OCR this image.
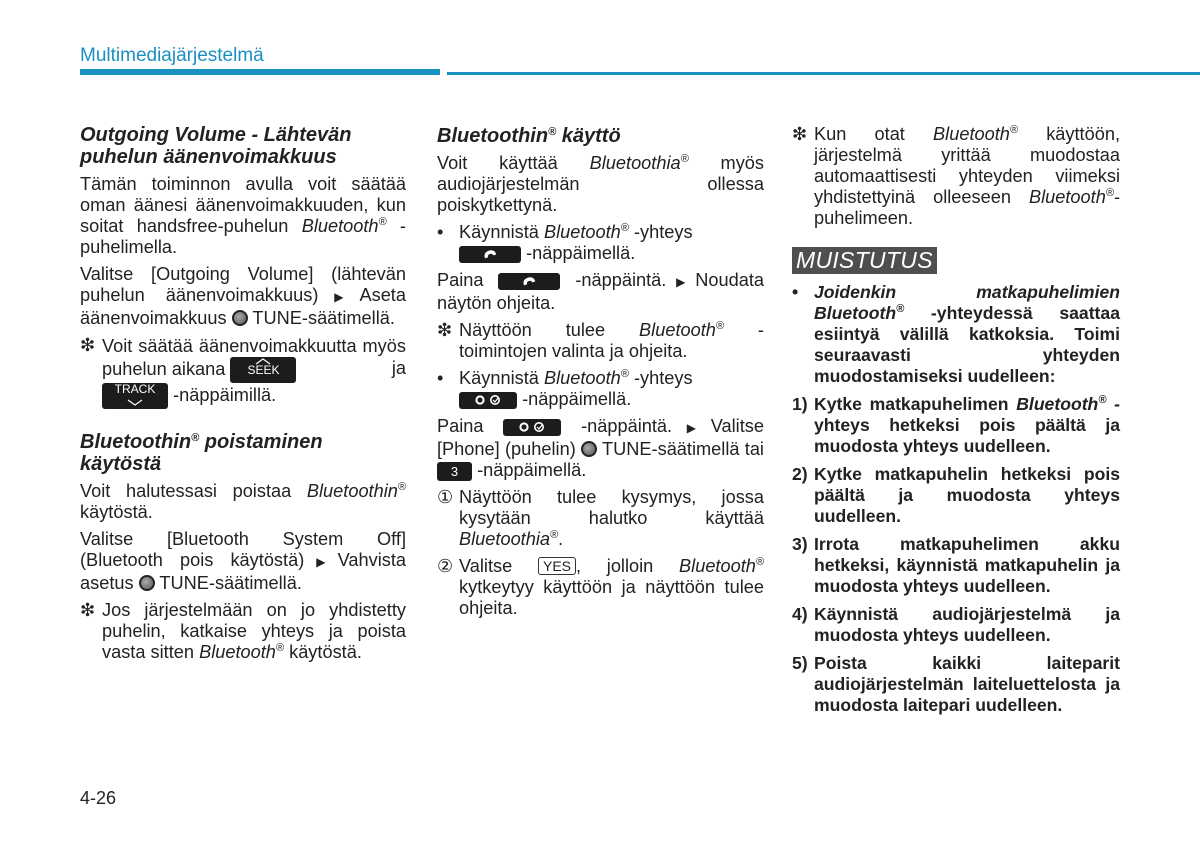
Multimediajärjestelmä
Outgoing Volume - Lähtevän
puhelun äänenvoimakkuus

Tämän toiminnon avulla voit säätää oman äänesi äänenvoimakkuuden, kun soitat handsfree-puhelun Bluetooth® -puhelimella.

Valitse [Outgoing Volume] (lähtevän puhelun äänenvoimakkuus)▶Aseta äänenvoimakkuus TUNE-säätimellä.

❇ Voit säätää äänenvoimakkuutta myös puhelun aikana SEEK	ja

TRACK -näppäimillä.
Bluetoothin® poistaminen käytöstä

Voit halutessasi poistaa Bluetoothin® käytöstä.

Valitse [Bluetooth System Off] (Bluetooth pois käytöstä)▶Vahvista asetus TUNE-säätimellä.

❇ Jos järjestelmään on jo yhdistetty puhelin, katkaise yhteys ja poista vasta sitten Bluetooth® käytöstä.
Bluetoothin® käyttö

Voit käyttää Bluetoothia® myös audiojärjestelmän ollessa poiskytkettynä.

• Käynnistä Bluetooth® -yhteys

-näppäimellä.

Paina	-näppäintä.▶Noudata näytön ohjeita.

❇ Näyttöön tulee Bluetooth® -toimintojen valinta ja ohjeita.
• Käynnistä Bluetooth® -yhteys

-näppäimellä.

Paina	-näppäintä.▶Valitse [Phone] (puhelin) TUNE-säätimellä tai 3 -näppäimellä.

① Näyttöön tulee kysymys, jossa kysytään halutko käyttää Bluetoothia®.
② Valitse YES , jolloin Bluetooth® kytkeytyy käyttöön ja näyttöön tulee ohjeita.
❇ Kun otat Bluetooth® käyttöön, järjestelmä yrittää muodostaa automaattisesti yhteyden viimeksi yhdistettyinä olleeseen Bluetooth®-puhelimeen.
MUISTUTUS
• Joidenkin matkapuhelimien Bluetooth® -yhteydessä saattaa esiintyä välillä katkoksia. Toimi seuraavasti yhteyden muodostamiseksi uudelleen:
1) Kytke matkapuhelimen Bluetooth® -yhteys hetkeksi pois päältä ja muodosta yhteys uudelleen.
2) Kytke matkapuhelin hetkeksi pois päältä ja muodosta yhteys uudelleen.
3) Irrota matkapuhelimen akku hetkeksi, käynnistä matkapuhelin ja muodosta yhteys uudelleen.
4) Käynnistä audiojärjestelmä ja muodosta yhteys uudelleen.
5) Poista kaikki laiteparit audiojärjestelmän laiteluettelosta ja muodosta laitepari uudelleen.
4-26
